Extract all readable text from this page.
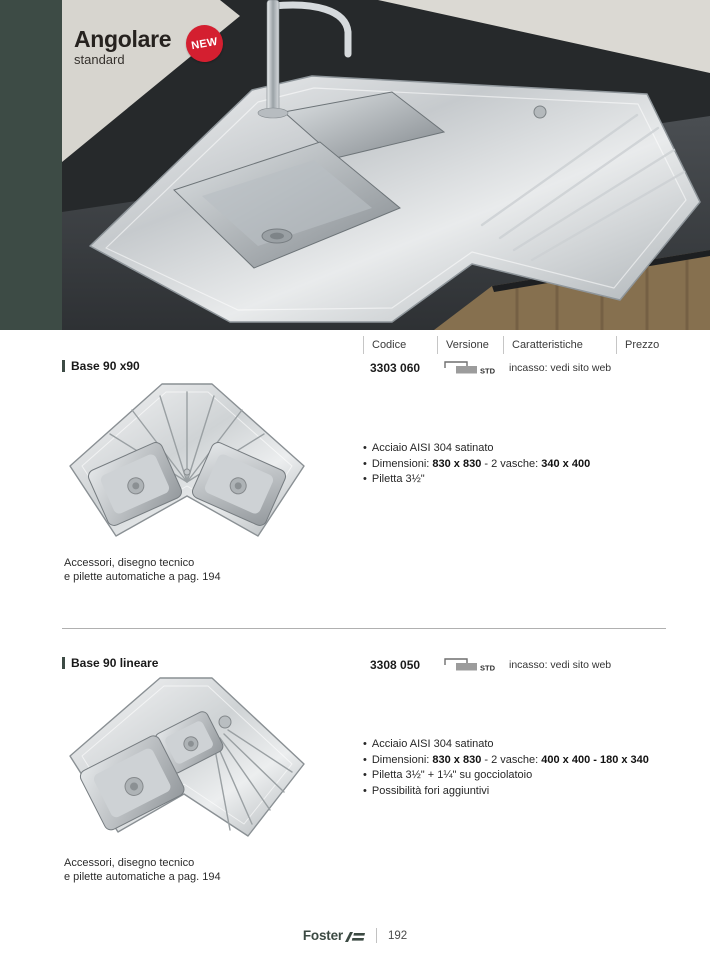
Angolare
standard
NEW
Codice	Versione	Caratteristiche	Prezzo
Base 90 x90	3303 060	STD incasso: vedi sito web
• Acciaio AISI 304 satinato
• Dimensioni: 830 x 830 - 2 vasche: 340 x 400
• Piletta 3½"
Accessori, disegno tecnico
e pilette automatiche a pag. 194
Base 90 lineare	3308 050	STD incasso: vedi sito web
• Acciaio AISI 304 satinato
• Dimensioni: 830 x 830 - 2 vasche: 400 x 400 - 180 x 340
• Piletta 3½" + 1¼" su gocciolatoio
• Possibilità fori aggiuntivi
Accessori, disegno tecnico
e pilette automatiche a pag. 194
Foster	192
